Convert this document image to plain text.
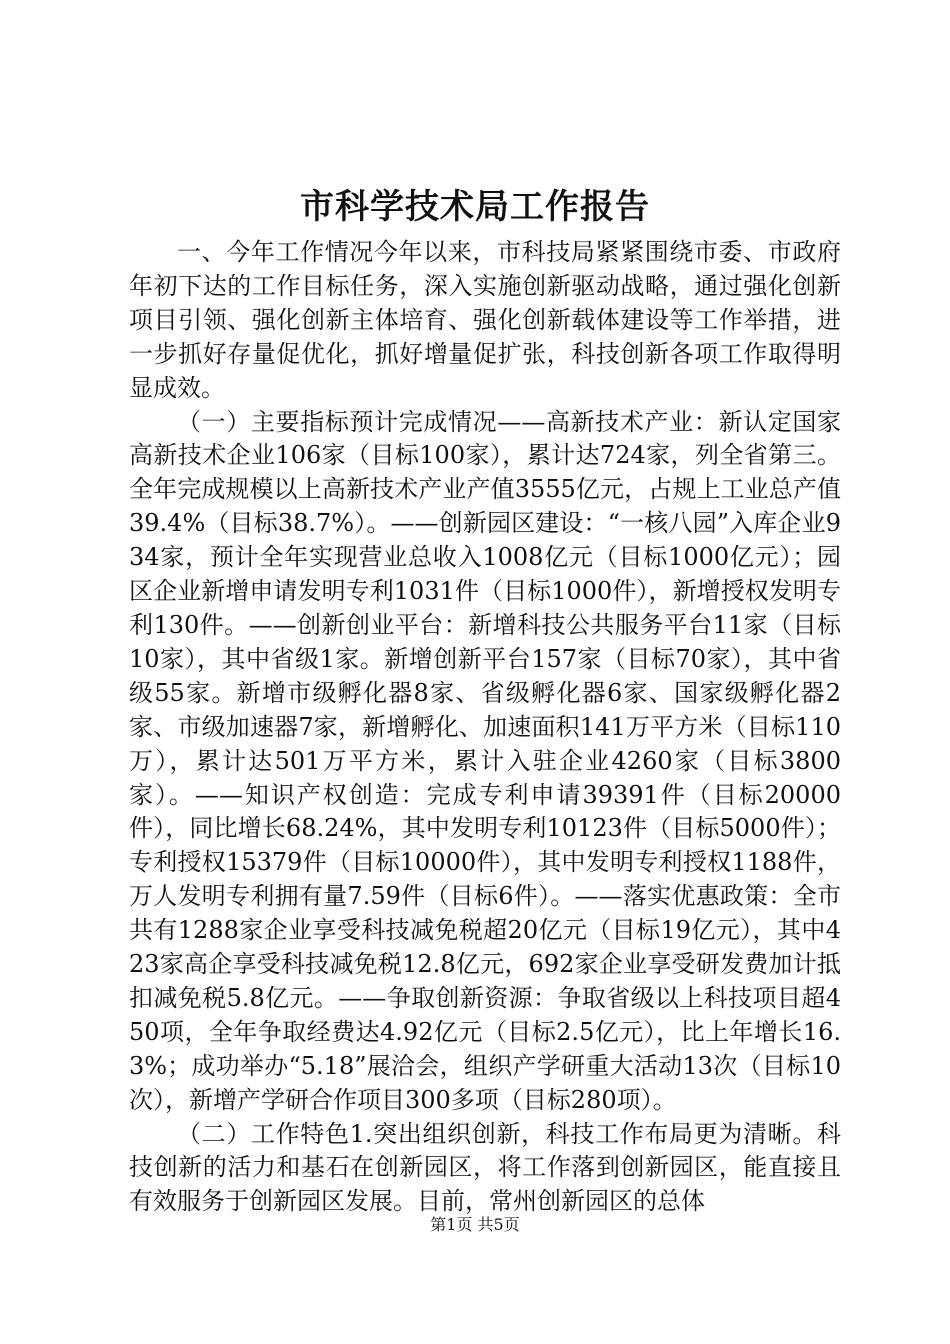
市科学技术局工作报告

一、今年工作情况今年以来，市科技局紧紧围绕市委、市政府年初下达的工作目标任务，深入实施创新驱动战略，通过强化创新项目引领、强化创新主体培育、强化创新载体建设等工作举措，进一步抓好存量促优化，抓好增量促扩张，科技创新各项工作取得明显成效。

（一）主要指标预计完成情况——高新技术产业：新认定国家高新技术企业106家（目标100家），累计达724家，列全省第三。全年完成规模以上高新技术产业产值3555亿元，占规上工业总产值39.4%（目标38.7%）。——创新园区建设：“一核八园”入库企业934家，预计全年实现营业总收入1008亿元（目标1000亿元）；园区企业新增申请发明专利1031件（目标1000件），新增授权发明专利130件。——创新创业平台：新增科技公共服务平台11家（目标10家），其中省级1家。新增创新平台157家（目标70家），其中省级55家。新增市级孵化器8家、省级孵化器6家、国家级孵化器2家、市级加速器7家，新增孵化、加速面积141万平方米（目标110万），累计达501万平方米，累计入驻企业4260家（目标3800家）。——知识产权创造：完成专利申请39391件（目标20000件），同比增长68.24%，其中发明专利10123件（目标5000件）；专利授权15379件（目标10000件），其中发明专利授权1188件，万人发明专利拥有量7.59件（目标6件）。——落实优惠政策：全市共有1288家企业享受科技减免税超20亿元（目标19亿元），其中423家高企享受科技减免税12.8亿元，692家企业享受研发费加计抵扣减免税5.8亿元。——争取创新资源：争取省级以上科技项目超450项，全年争取经费达4.92亿元（目标2.5亿元），比上年增长16.3%；成功举办“5.18”展洽会，组织产学研重大活动13次（目标10次），新增产学研合作项目300多项（目标280项）。

（二）工作特色1.突出组织创新，科技工作布局更为清晰。科技创新的活力和基石在创新园区，将工作落到创新园区，能直接且有效服务于创新园区发展。目前，常州创新园区的总体

第1页 共5页
